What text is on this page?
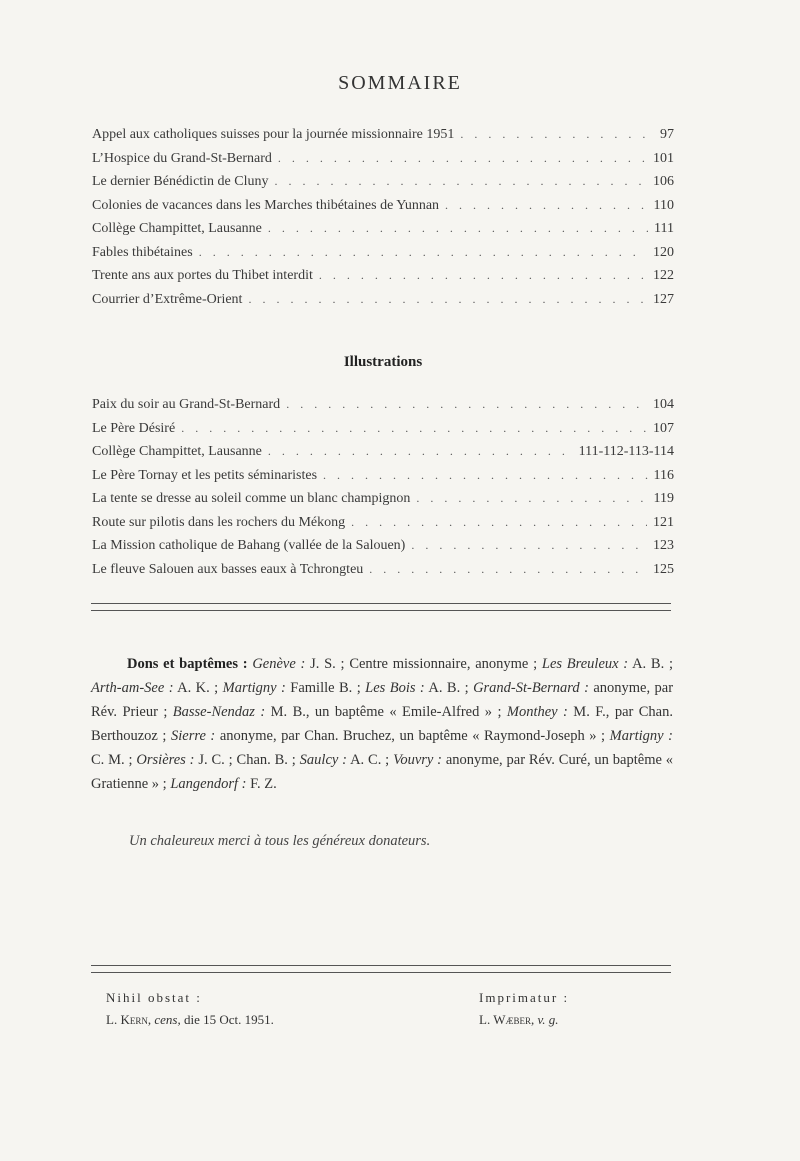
SOMMAIRE
Appel aux catholiques suisses pour la journée missionnaire 1951 . . .	97
L’Hospice du Grand-St-Bernard . . .	101
Le dernier Bénédictin de Cluny . . .	106
Colonies de vacances dans les Marches thibétaines de Yunnan . . .	110
Collège Champittet, Lausanne . . .	111
Fables thibétaines . . .	120
Trente ans aux portes du Thibet interdit . . .	122
Courrier d’Extrême-Orient . . .	127
Illustrations
Paix du soir au Grand-St-Bernard . . .	104
Le Père Désiré . . .	107
Collège Champittet, Lausanne . . .	111-112-113-114
Le Père Tornay et les petits séminaristes . . .	116
La tente se dresse au soleil comme un blanc champignon . . .	119
Route sur pilotis dans les rochers du Mékong . . .	121
La Mission catholique de Bahang (vallée de la Salouen) . . .	123
Le fleuve Salouen aux basses eaux à Tchrongteu . . .	125
Dons et baptêmes : Genève : J. S. ; Centre missionnaire, anonyme ; Les Breuleux : A. B. ; Arth-am-See : A. K. ; Martigny : Famille B. ; Les Bois : A. B. ; Grand-St-Bernard : anonyme, par Rév. Prieur ; Basse-Nendaz : M. B., un baptême « Emile-Alfred » ; Monthey : M. F., par Chan. Berthouzoz ; Sierre : anonyme, par Chan. Bruchez, un baptême « Raymond-Joseph » ; Martigny : C. M. ; Orsières : J. C. ; Chan. B. ; Saulcy : A. C. ; Vouvry : anonyme, par Rév. Curé, un baptême « Gratienne » ; Langendorf : F. Z.
Un chaleureux merci à tous les généreux donateurs.
Nihil obstat :
L. Kern, cens, die 15 Oct. 1951.
Imprimatur :
L. Wæber, v. g.
